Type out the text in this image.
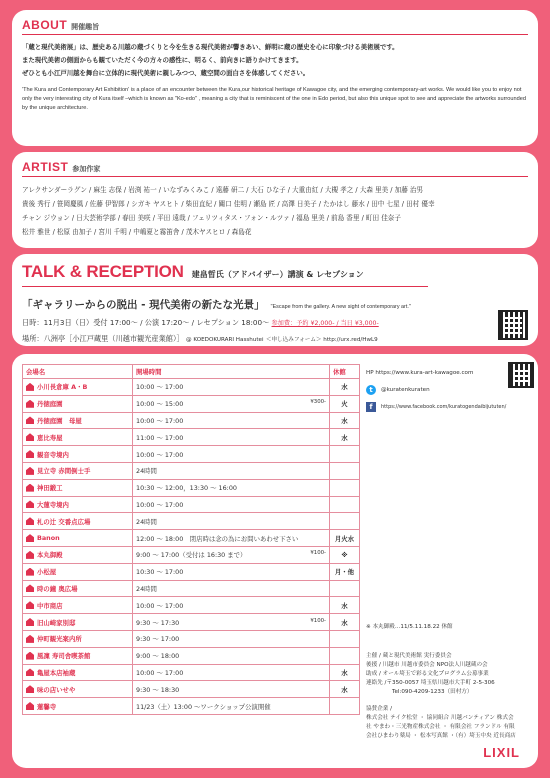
ABOUT 開催趣旨
「蔵と現代美術展」は、歴史ある川越の蔵づくりと今を生きる現代美術が響きあい、鮮明に蔵の歴史を心に印象づける美術展です。
また現代美術の側面からも観ていただく今の方々の感性に、明るく、前向きに語りかけてきます。
ぜひとも小江戸川越を舞台に立体的に現代美術に親しみつつ、蔵空間の面白さを体感してください。
'The Kura and Contemporary Art Exhibition' is a place of an encounter between the Kura,our historical heritage of Kawagoe city, and the emerging contemporary-art works. We would like you to enjoy not only the very interesting city of Kura itself –which is known as "Ko-edo" , meaning a city that is reminiscent of the one in Edo period, but also this unique spot to see and appreciate the artworks surrounded by the unique architecture.
ARTIST 参加作家
アレクサンダーラグン / 麻生 志保 / 岩渕 祐一 / いなずみくみこ / 遠藤 研二 / 大石 ひな子 / 大重由紅 / 大槻 孝之 / 大森 里美 / 加藤 治男
貴後 秀行 / 笹岡慶風 / 佐藤 伊智郎 / シガキ ヤスヒト / 柴田直紀 / 關口 佳明 / 瀬島 匠 / 高澤 日美子 / たかはし 藤水 / 田中 七星 / 田村 優幸
チャン ジウョン / 日大芸術学部 / 春田 美咲 / 平田 遠哉 / フェリツィタス・フォン・ルツァ / 福島 里美 / 前島 香里 / 町田 佳奈子
松井 雅世 / 松原 由加子 / 宮川 千明 / 中嶋夏と霧笛舎 / 茂木ヤスヒロ / 森島花
TALK & RECEPTION 建畠晢氏（アドバイザー）講演 & レセプション
「ギャラリーからの脱出 - 現代美術の新たな光景」 "Escape from the gallery. A new sight of contemporary art."
日時：11月3日（日）受付 17:00～ / 公演 17:20～ / レセプション 18:00～ 参加費：予約 ¥2,000- / 当日 ¥3,000-
場所：八洲亭［小江戸蔵里（川越市観光産業館）］ @ KOEDOKURARI Hasshutei ＜申し込みフォーム＞ http://urx.red/HwL9
会場名	開場時間	休館

小川長倉庫 A・B	10:00 ～ 17:00	水

丹徳庭園	10:00 ～ 15:00 ¥300-	火

丹徳庭園　母屋	10:00 ～ 17:00	水

恵比寿屋	11:00 ～ 17:00	水

観音寺境内	10:00 ～ 17:00

見立寺 赤間倒士手	24時間

神田鍛工	10:30 ～ 12:00，13:30 ～ 16:00

大蓮寺境内	10:00 ～ 17:00

札の辻 交番点広場	24時間

Banon	12:00 ～ 18:00　閉店時は念の為にお問いあわせ下さい	月火水

本丸御殿	9:00 ～ 17:00（受付は 16:30 まで） ¥100-	※

小松屋	10:30 ～ 17:00	月・他

時の鐘 奥広場	24時間

中市商店	10:00 ～ 17:00	水

旧山崎家別邸	9:30 ～ 17:30 ¥100-	水

仲町観光案内所	9:30 ～ 17:00

風凜 寿司舎喫茶館	9:00 ～ 18:00

亀屋本店袖蔵	10:00 ～ 17:00	水

味の店いせや	9:30 ～ 18:30	水

蓮馨寺	11/23（土）13:00 ～ワークショップ公演開催

HP https://www.kura-art-kawagoe.com
t	@kuratenkuraten
f	https://www.facebook.com/kuratogendaibijututen/
※ 本丸御殿…11/5.11.18.22 休館
主催 / 蔵と現代美術館 実行委員会
後援 / 川越市 川越市委員会 NPO法人川越蔵の会
助成 / オール埼玉で彩る文化プログラム公募事業
連絡先 /〒350-0057 埼玉県川越市大手町 2-5-306
Tel:090-4209-1233（田村方）
協賛企業 /
株式会社 テイク松堂 ・ 協同組合 川越バンティアン 株式会社 やまわ・三光物産株式会社 ・ 有限会社 フランドル 有限会社ひまわり薬局 ・ 松本写真館 ・（有）埼玉中央 近長商店
LIXIL
